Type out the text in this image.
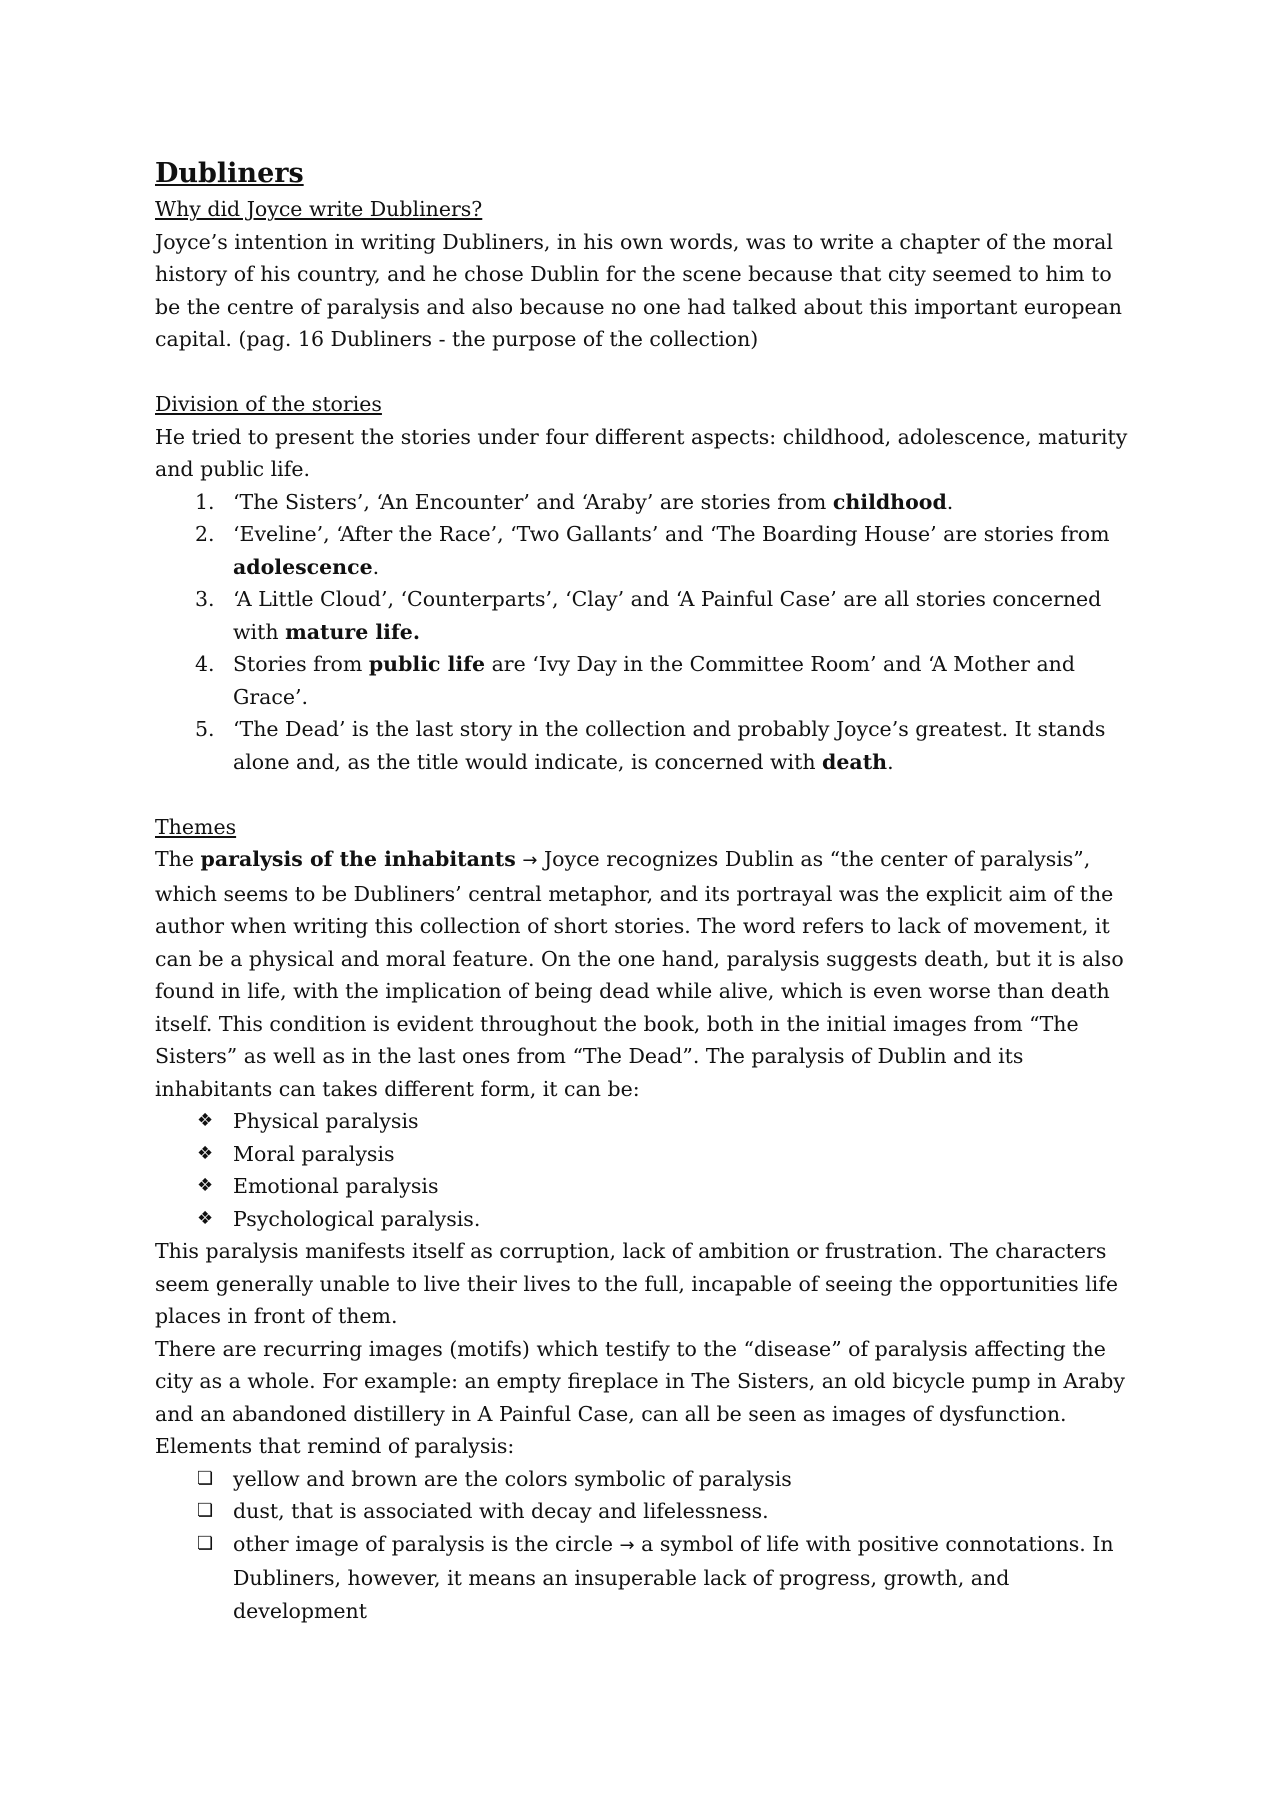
Dubliners
Why did Joyce write Dubliners?

Joyce’s intention in writing Dubliners, in his own words, was to write a chapter of the moral history of his country, and he chose Dublin for the scene because that city seemed to him to be the centre of paralysis and also because no one had talked about this important european capital. (pag. 16 Dubliners - the purpose of the collection)

Division of the stories

He tried to present the stories under four different aspects: childhood, adolescence, maturity and public life.

1. ‘The Sisters’, ‘An Encounter’ and ‘Araby’ are stories from childhood.
2. ‘Eveline’, ‘After the Race’, ‘Two Gallants’ and ‘The Boarding House’ are stories from adolescence.
3. ‘A Little Cloud’, ‘Counterparts’, ‘Clay’ and ‘A Painful Case’ are all stories concerned with mature life.
4. Stories from public life are ‘Ivy Day in the Committee Room’ and ‘A Mother and Grace’.
5. ‘The Dead’ is the last story in the collection and probably Joyce’s greatest. It stands alone and, as the title would indicate, is concerned with death.
Themes

The paralysis of the inhabitants → Joyce recognizes Dublin as “the center of paralysis”, which seems to be Dubliners’ central metaphor, and its portrayal was the explicit aim of the author when writing this collection of short stories. The word refers to lack of movement, it can be a physical and moral feature. On the one hand, paralysis suggests death, but it is also found in life, with the implication of being dead while alive, which is even worse than death itself. This condition is evident throughout the book, both in the initial images from “The Sisters” as well as in the last ones from “The Dead”. The paralysis of Dublin and its inhabitants can takes different form, it can be:

❖ Physical paralysis
❖ Moral paralysis
❖ Emotional paralysis
❖ Psychological paralysis.

This paralysis manifests itself as corruption, lack of ambition or frustration. The characters seem generally unable to live their lives to the full, incapable of seeing the opportunities life places in front of them.

There are recurring images (motifs) which testify to the “disease” of paralysis affecting the city as a whole. For example: an empty fireplace in The Sisters, an old bicycle pump in Araby and an abandoned distillery in A Painful Case, can all be seen as images of dysfunction.

Elements that remind of paralysis:

❏ yellow and brown are the colors symbolic of paralysis
❏ dust, that is associated with decay and lifelessness.
❏ other image of paralysis is the circle → a symbol of life with positive connotations. In Dubliners, however, it means an insuperable lack of progress, growth, and development
